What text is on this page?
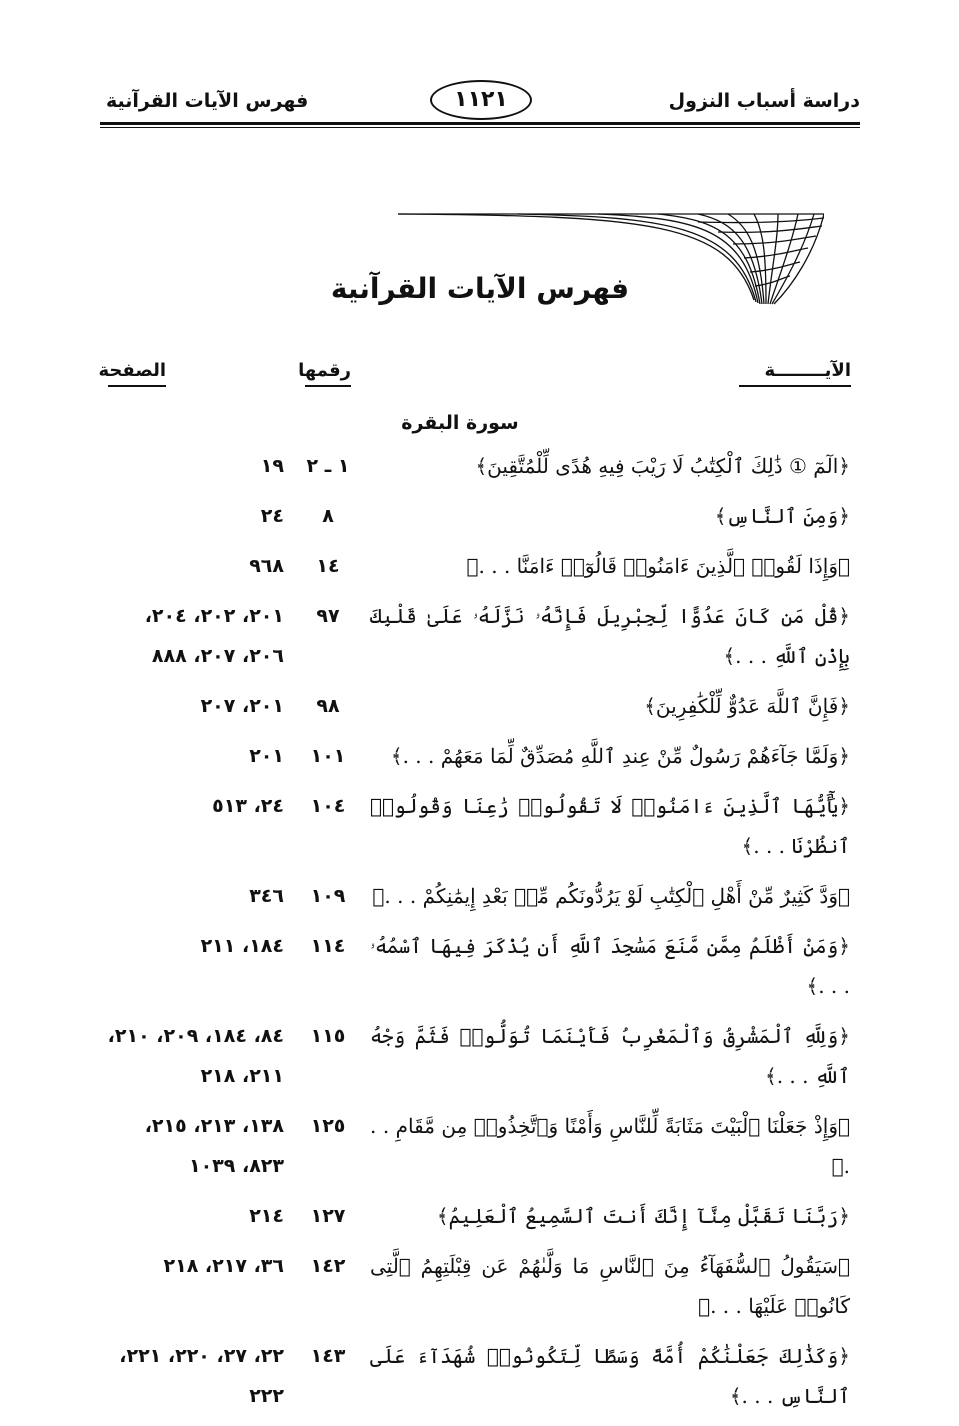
دراسة أسباب النزول
١١٢١
فهرس الآيات القرآنية
فهرس الآيات القرآنية
الآيــــــــة
رقمها
الصفحة
سورة البقرة
﴿الٓمٓ ① ذَٰلِكَ ٱلْكِتَٰبُ لَا رَيْبَ فِيهِ هُدًى لِّلْمُتَّقِينَ﴾
١ ـ ٢
١٩
﴿وَمِنَ ٱلنَّاسِ﴾
٨
٢٤
﴿وَإِذَا لَقُوا۟ ٱلَّذِينَ ءَامَنُوا۟ قَالُوٓا۟ ءَامَنَّا . . .﴾
١٤
٩٦٨
﴿قُلْ مَن كَانَ عَدُوًّا لِّجِبْرِيلَ فَإِنَّهُۥ نَزَّلَهُۥ عَلَىٰ قَلْبِكَ بِإِذْنِ ٱللَّهِ . . .﴾
٩٧
٢٠١، ٢٠٢، ٢٠٤، ٢٠٦، ٢٠٧، ٨٨٨
﴿فَإِنَّ ٱللَّهَ عَدُوٌّ لِّلْكَٰفِرِينَ﴾
٩٨
٢٠١، ٢٠٧
﴿وَلَمَّا جَآءَهُمْ رَسُولٌ مِّنْ عِندِ ٱللَّهِ مُصَدِّقٌ لِّمَا مَعَهُمْ . . .﴾
١٠١
٢٠١
﴿يَٰٓأَيُّهَا ٱلَّذِينَ ءَامَنُوا۟ لَا تَقُولُوا۟ رَٰعِنَا وَقُولُوا۟ ٱنظُرْنَا . . .﴾
١٠٤
٢٤، ٥١٣
﴿وَدَّ كَثِيرٌ مِّنْ أَهْلِ ٱلْكِتَٰبِ لَوْ يَرُدُّونَكُم مِّنۢ بَعْدِ إِيمَٰنِكُمْ . . .﴾
١٠٩
٣٤٦
﴿وَمَنْ أَظْلَمُ مِمَّن مَّنَعَ مَسَٰجِدَ ٱللَّهِ أَن يُذْكَرَ فِيهَا ٱسْمُهُۥ . . .﴾
١١٤
١٨٤، ٢١١
﴿وَلِلَّهِ ٱلْمَشْرِقُ وَٱلْمَغْرِبُ فَأَيْنَمَا تُوَلُّوا۟ فَثَمَّ وَجْهُ ٱللَّهِ . . .﴾
١١٥
٨٤، ١٨٤، ٢٠٩، ٢١٠، ٢١١، ٢١٨
﴿وَإِذْ جَعَلْنَا ٱلْبَيْتَ مَثَابَةً لِّلنَّاسِ وَأَمْنًا وَٱتَّخِذُوا۟ مِن مَّقَامِ . . .﴾
١٢٥
١٣٨، ٢١٣، ٢١٥، ٨٢٣، ١٠٣٩
﴿رَبَّنَا تَقَبَّلْ مِنَّآ إِنَّكَ أَنتَ ٱلسَّمِيعُ ٱلْعَلِيمُ﴾
١٢٧
٢١٤
﴿سَيَقُولُ ٱلسُّفَهَآءُ مِنَ ٱلنَّاسِ مَا وَلَّىٰهُمْ عَن قِبْلَتِهِمُ ٱلَّتِى كَانُوا۟ عَلَيْهَا . . .﴾
١٤٢
٣٦، ٢١٧، ٢١٨
﴿وَكَذَٰلِكَ جَعَلْنَٰكُمْ أُمَّةً وَسَطًا لِّتَكُونُوا۟ شُهَدَآءَ عَلَى ٱلنَّاسِ . . .﴾
١٤٣
٢٢، ٢٧، ٢٢٠، ٢٢١، ٢٢٢
